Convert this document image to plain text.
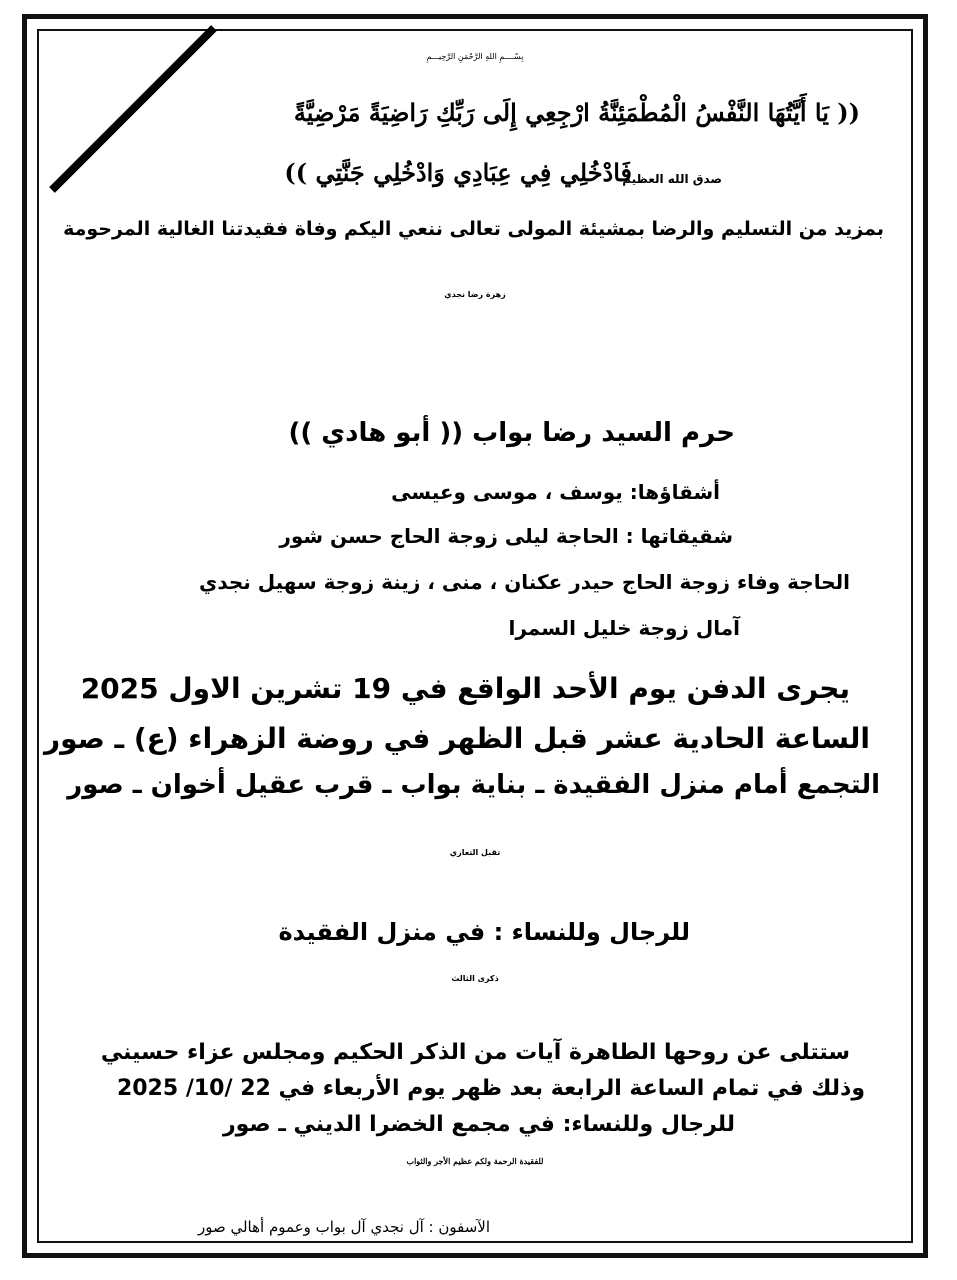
بِسْــــمِ اللهِ الرَّحْمَنِ الرَّحِيـــمِ
(( يَا أَيَّتُهَا النَّفْسُ الْمُطْمَئِنَّةُ ارْجِعِي إِلَى رَبِّكِ رَاضِيَةً مَرْضِيَّةً
صدق الله العظيم
فَادْخُلِي فِي عِبَادِي وَادْخُلِي جَنَّتِي ))
بمزيد من التسليم والرضا بمشيئة المولى تعالى ننعي اليكم وفاة فقيدتنا الغالية المرحومة
زهرة رضا نجدي
حرم السيد رضا بواب (( أبو هادي ))
أشقاؤها: يوسف ، موسى وعيسى
شقيقاتها : الحاجة ليلى زوجة الحاج حسن شور
الحاجة وفاء زوجة الحاج حيدر عكنان ، منى ، زينة زوجة سهيل نجدي
آمال زوجة خليل السمرا
يجرى الدفن يوم الأحد الواقع في 19 تشرين الاول 2025
الساعة الحادية عشر قبل الظهر في روضة الزهراء (ع) ـ صور
التجمع أمام منزل الفقيدة ـ بناية بواب ـ قرب عقيل أخوان ـ صور
تقبل التعازي
للرجال وللنساء : في منزل الفقيدة
ذكرى الثالث
ستتلى عن روحها الطاهرة آيات من الذكر الحكيم ومجلس عزاء حسيني
وذلك في تمام الساعة الرابعة بعد ظهر يوم الأربعاء في 22 /10/ 2025
للرجال وللنساء: في مجمع الخضرا الديني ـ صور
للفقيدة الرحمة ولكم عظيم الأجر والثواب
الآسفون : آل نجدي آل بواب وعموم أهالي صور
